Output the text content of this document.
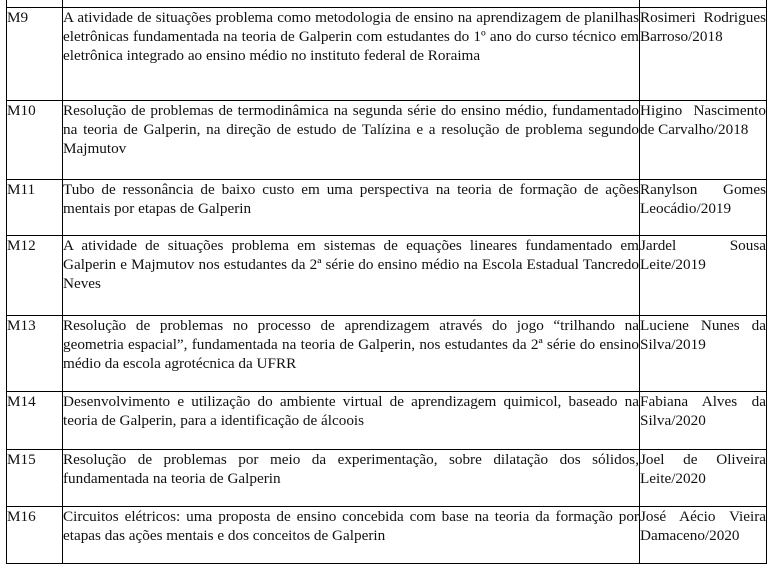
M9	A atividade de situações problema como metodologia de ensino na aprendizagem de planilhas eletrônicas fundamentada na teoria de Galperin com estudantes do 1º ano do curso técnico em eletrônica integrado ao ensino médio no instituto federal de Roraima	Rosimeri Rodrigues Barroso/2018
M10	Resolução de problemas de termodinâmica na segunda série do ensino médio, fundamentado na teoria de Galperin, na direção de estudo de Talízina e a resolução de problema segundo Majmutov	Higino Nascimento de Carvalho/2018
M11	Tubo de ressonância de baixo custo em uma perspectiva na teoria de formação de ações mentais por etapas de Galperin	Ranylson Gomes Leocádio/2019
M12	A atividade de situações problema em sistemas de equações lineares fundamentado em Galperin e Majmutov nos estudantes da 2ª série do ensino médio na Escola Estadual Tancredo Neves	Jardel Sousa Leite/2019
M13	Resolução de problemas no processo de aprendizagem através do jogo “trilhando na geometria espacial”, fundamentada na teoria de Galperin, nos estudantes da 2ª série do ensino médio da escola agrotécnica da UFRR	Luciene Nunes da Silva/2019
M14	Desenvolvimento e utilização do ambiente virtual de aprendizagem quimicol, baseado na teoria de Galperin, para a identificação de álcoois	Fabiana Alves da Silva/2020
M15	Resolução de problemas por meio da experimentação, sobre dilatação dos sólidos, fundamentada na teoria de Galperin	Joel de Oliveira Leite/2020
M16	Circuitos elétricos: uma proposta de ensino concebida com base na teoria da formação por etapas das ações mentais e dos conceitos de Galperin	José Aécio Vieira Damaceno/2020
